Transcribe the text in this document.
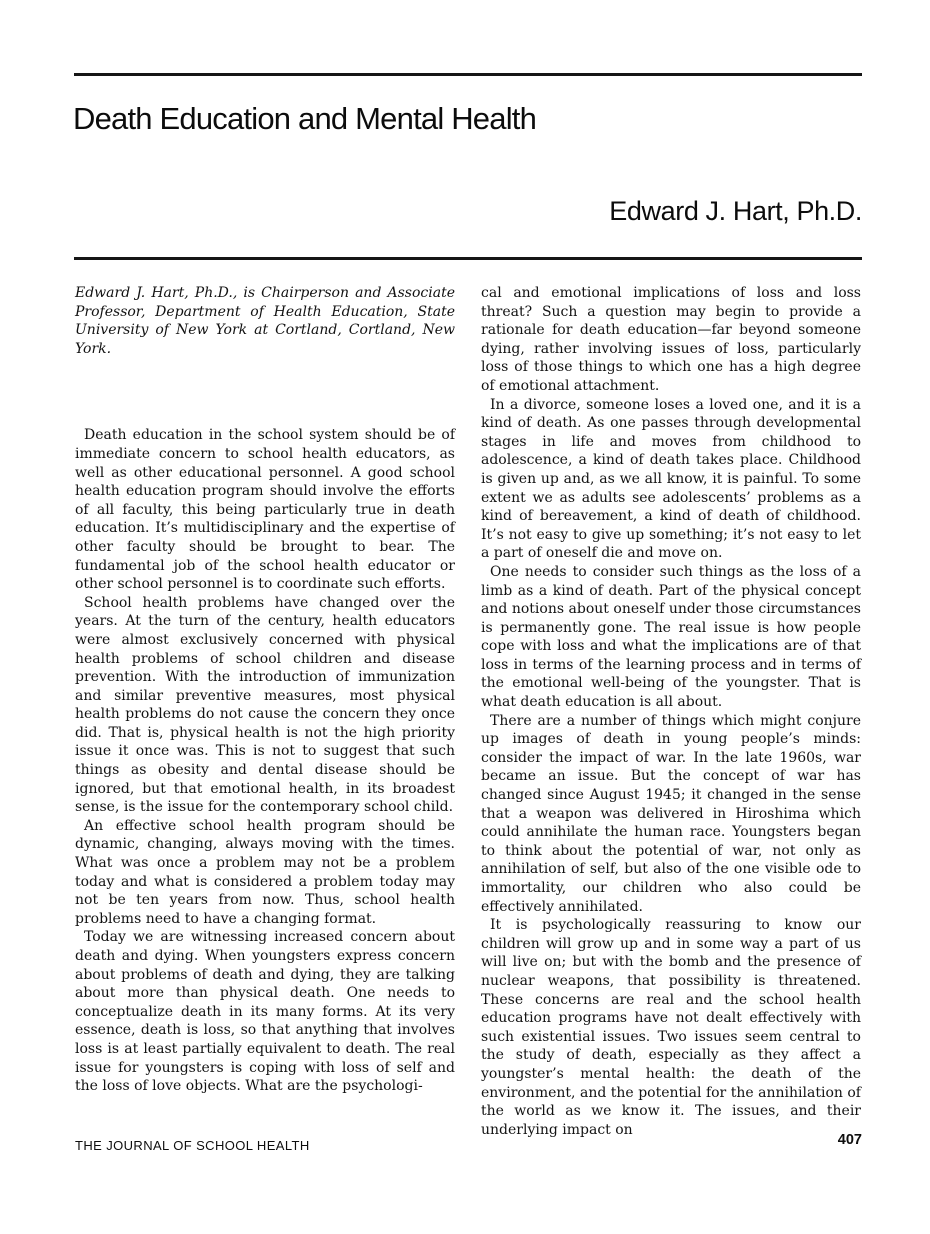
Death Education and Mental Health
Edward J. Hart, Ph.D.

Edward J. Hart, Ph.D., is Chairperson and Associate Professor, Department of Health Education, State University of New York at Cortland, Cortland, New York.

Death education in the school system should be of immediate concern to school health educators, as well as other educational personnel. A good school health education program should involve the efforts of all faculty, this being particularly true in death education. It’s multidisciplinary and the expertise of other faculty should be brought to bear. The fundamental job of the school health educator or other school personnel is to coordinate such efforts.

School health problems have changed over the years. At the turn of the century, health educators were almost exclusively concerned with physical health problems of school children and disease prevention. With the introduction of immunization and similar preventive measures, most physical health problems do not cause the concern they once did. That is, physical health is not the high priority issue it once was. This is not to suggest that such things as obesity and dental disease should be ignored, but that emotional health, in its broadest sense, is the issue for the contemporary school child.

An effective school health program should be dynamic, changing, always moving with the times. What was once a problem may not be a problem today and what is considered a problem today may not be ten years from now. Thus, school health problems need to have a changing format.

Today we are witnessing increased concern about death and dying. When youngsters express concern about problems of death and dying, they are talking about more than physical death. One needs to conceptualize death in its many forms. At its very essence, death is loss, so that anything that involves loss is at least partially equivalent to death. The real issue for youngsters is coping with loss of self and the loss of love objects. What are the psychologi-

cal and emotional implications of loss and loss threat? Such a question may begin to provide a rationale for death education—far beyond someone dying, rather involving issues of loss, particularly loss of those things to which one has a high degree of emotional attachment.

In a divorce, someone loses a loved one, and it is a kind of death. As one passes through developmental stages in life and moves from childhood to adolescence, a kind of death takes place. Childhood is given up and, as we all know, it is painful. To some extent we as adults see adolescents’ problems as a kind of bereavement, a kind of death of childhood. It’s not easy to give up something; it’s not easy to let a part of oneself die and move on.

One needs to consider such things as the loss of a limb as a kind of death. Part of the physical concept and notions about oneself under those circumstances is permanently gone. The real issue is how people cope with loss and what the implications are of that loss in terms of the learning process and in terms of the emotional well-being of the youngster. That is what death education is all about.

There are a number of things which might conjure up images of death in young people’s minds: consider the impact of war. In the late 1960s, war became an issue. But the concept of war has changed since August 1945; it changed in the sense that a weapon was delivered in Hiroshima which could annihilate the human race. Youngsters began to think about the potential of war, not only as annihilation of self, but also of the one visible ode to immortality, our children who also could be effectively annihilated.

It is psychologically reassuring to know our children will grow up and in some way a part of us will live on; but with the bomb and the presence of nuclear weapons, that possibility is threatened. These concerns are real and the school health education programs have not dealt effectively with such existential issues. Two issues seem central to the study of death, especially as they affect a youngster’s mental health: the death of the environment, and the potential for the annihilation of the world as we know it. The issues, and their underlying impact on

THE JOURNAL OF SCHOOL HEALTH	407
